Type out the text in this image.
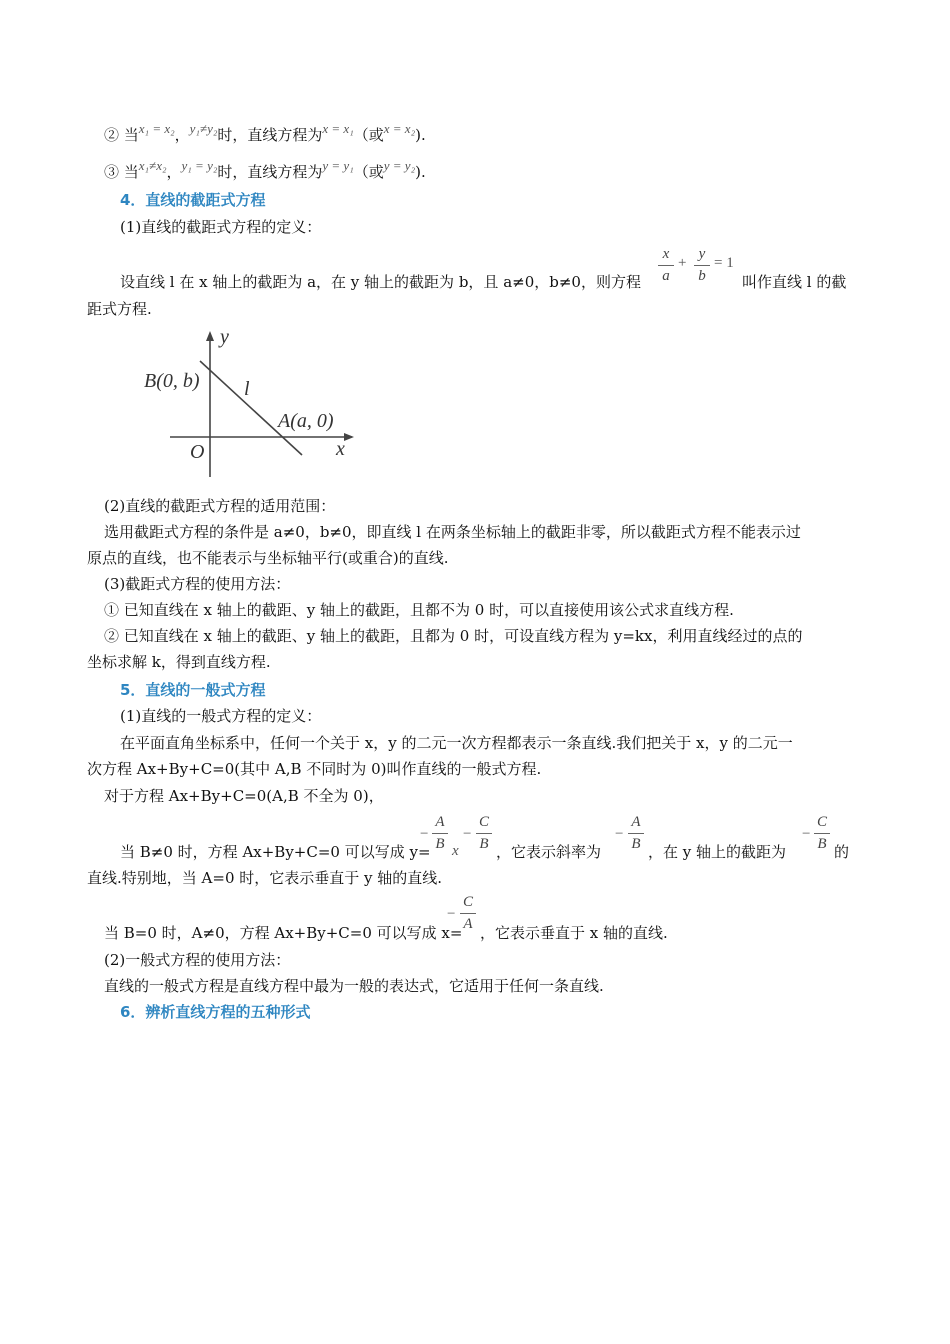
② 当x₁ = x₂，y₁≠y₂时，直线方程为x = x₁（或x = x₂).
③ 当x₁≠x₂，y₁ = y₂时，直线方程为y = y₁（或y = y₂).
4．直线的截距式方程
(1)直线的截距式方程的定义：
x
a
+
y
b
= 1
设直线 l 在 x 轴上的截距为 a，在 y 轴上的截距为 b，且 a≠0，b≠0，则方程	叫作直线 l 的截
距式方程.
y
x
O
B(0, b)
A(a, 0)
l
(2)直线的截距式方程的适用范围：
选用截距式方程的条件是 a≠0，b≠0，即直线 l 在两条坐标轴上的截距非零，所以截距式方程不能表示过
原点的直线，也不能表示与坐标轴平行(或重合)的直线.
(3)截距式方程的使用方法：
① 已知直线在 x 轴上的截距、y 轴上的截距，且都不为 0 时，可以直接使用该公式求直线方程.
② 已知直线在 x 轴上的截距、y 轴上的截距，且都为 0 时，可设直线方程为 y=kx，利用直线经过的点的
坐标求解 k，得到直线方程.
5．直线的一般式方程
(1)直线的一般式方程的定义：
在平面直角坐标系中，任何一个关于 x，y 的二元一次方程都表示一条直线.我们把关于 x，y 的二元一
次方程 Ax+By+C=0(其中 A,B 不同时为 0)叫作直线的一般式方程.
对于方程 Ax+By+C=0(A,B 不全为 0)，
当 B≠0 时，方程 Ax+By+C=0 可以写成 y=
−
A
B x
−
C
B ，它表示斜率为
−
A
B ，在 y 轴上的截距为
−
C
B 的
直线.特别地，当 A=0 时，它表示垂直于 y 轴的直线.
当 B=0 时，A≠0，方程 Ax+By+C=0 可以写成 x=
−
C
A ，它表示垂直于 x 轴的直线.
(2)一般式方程的使用方法：
直线的一般式方程是直线方程中最为一般的表达式，它适用于任何一条直线.
6．辨析直线方程的五种形式
